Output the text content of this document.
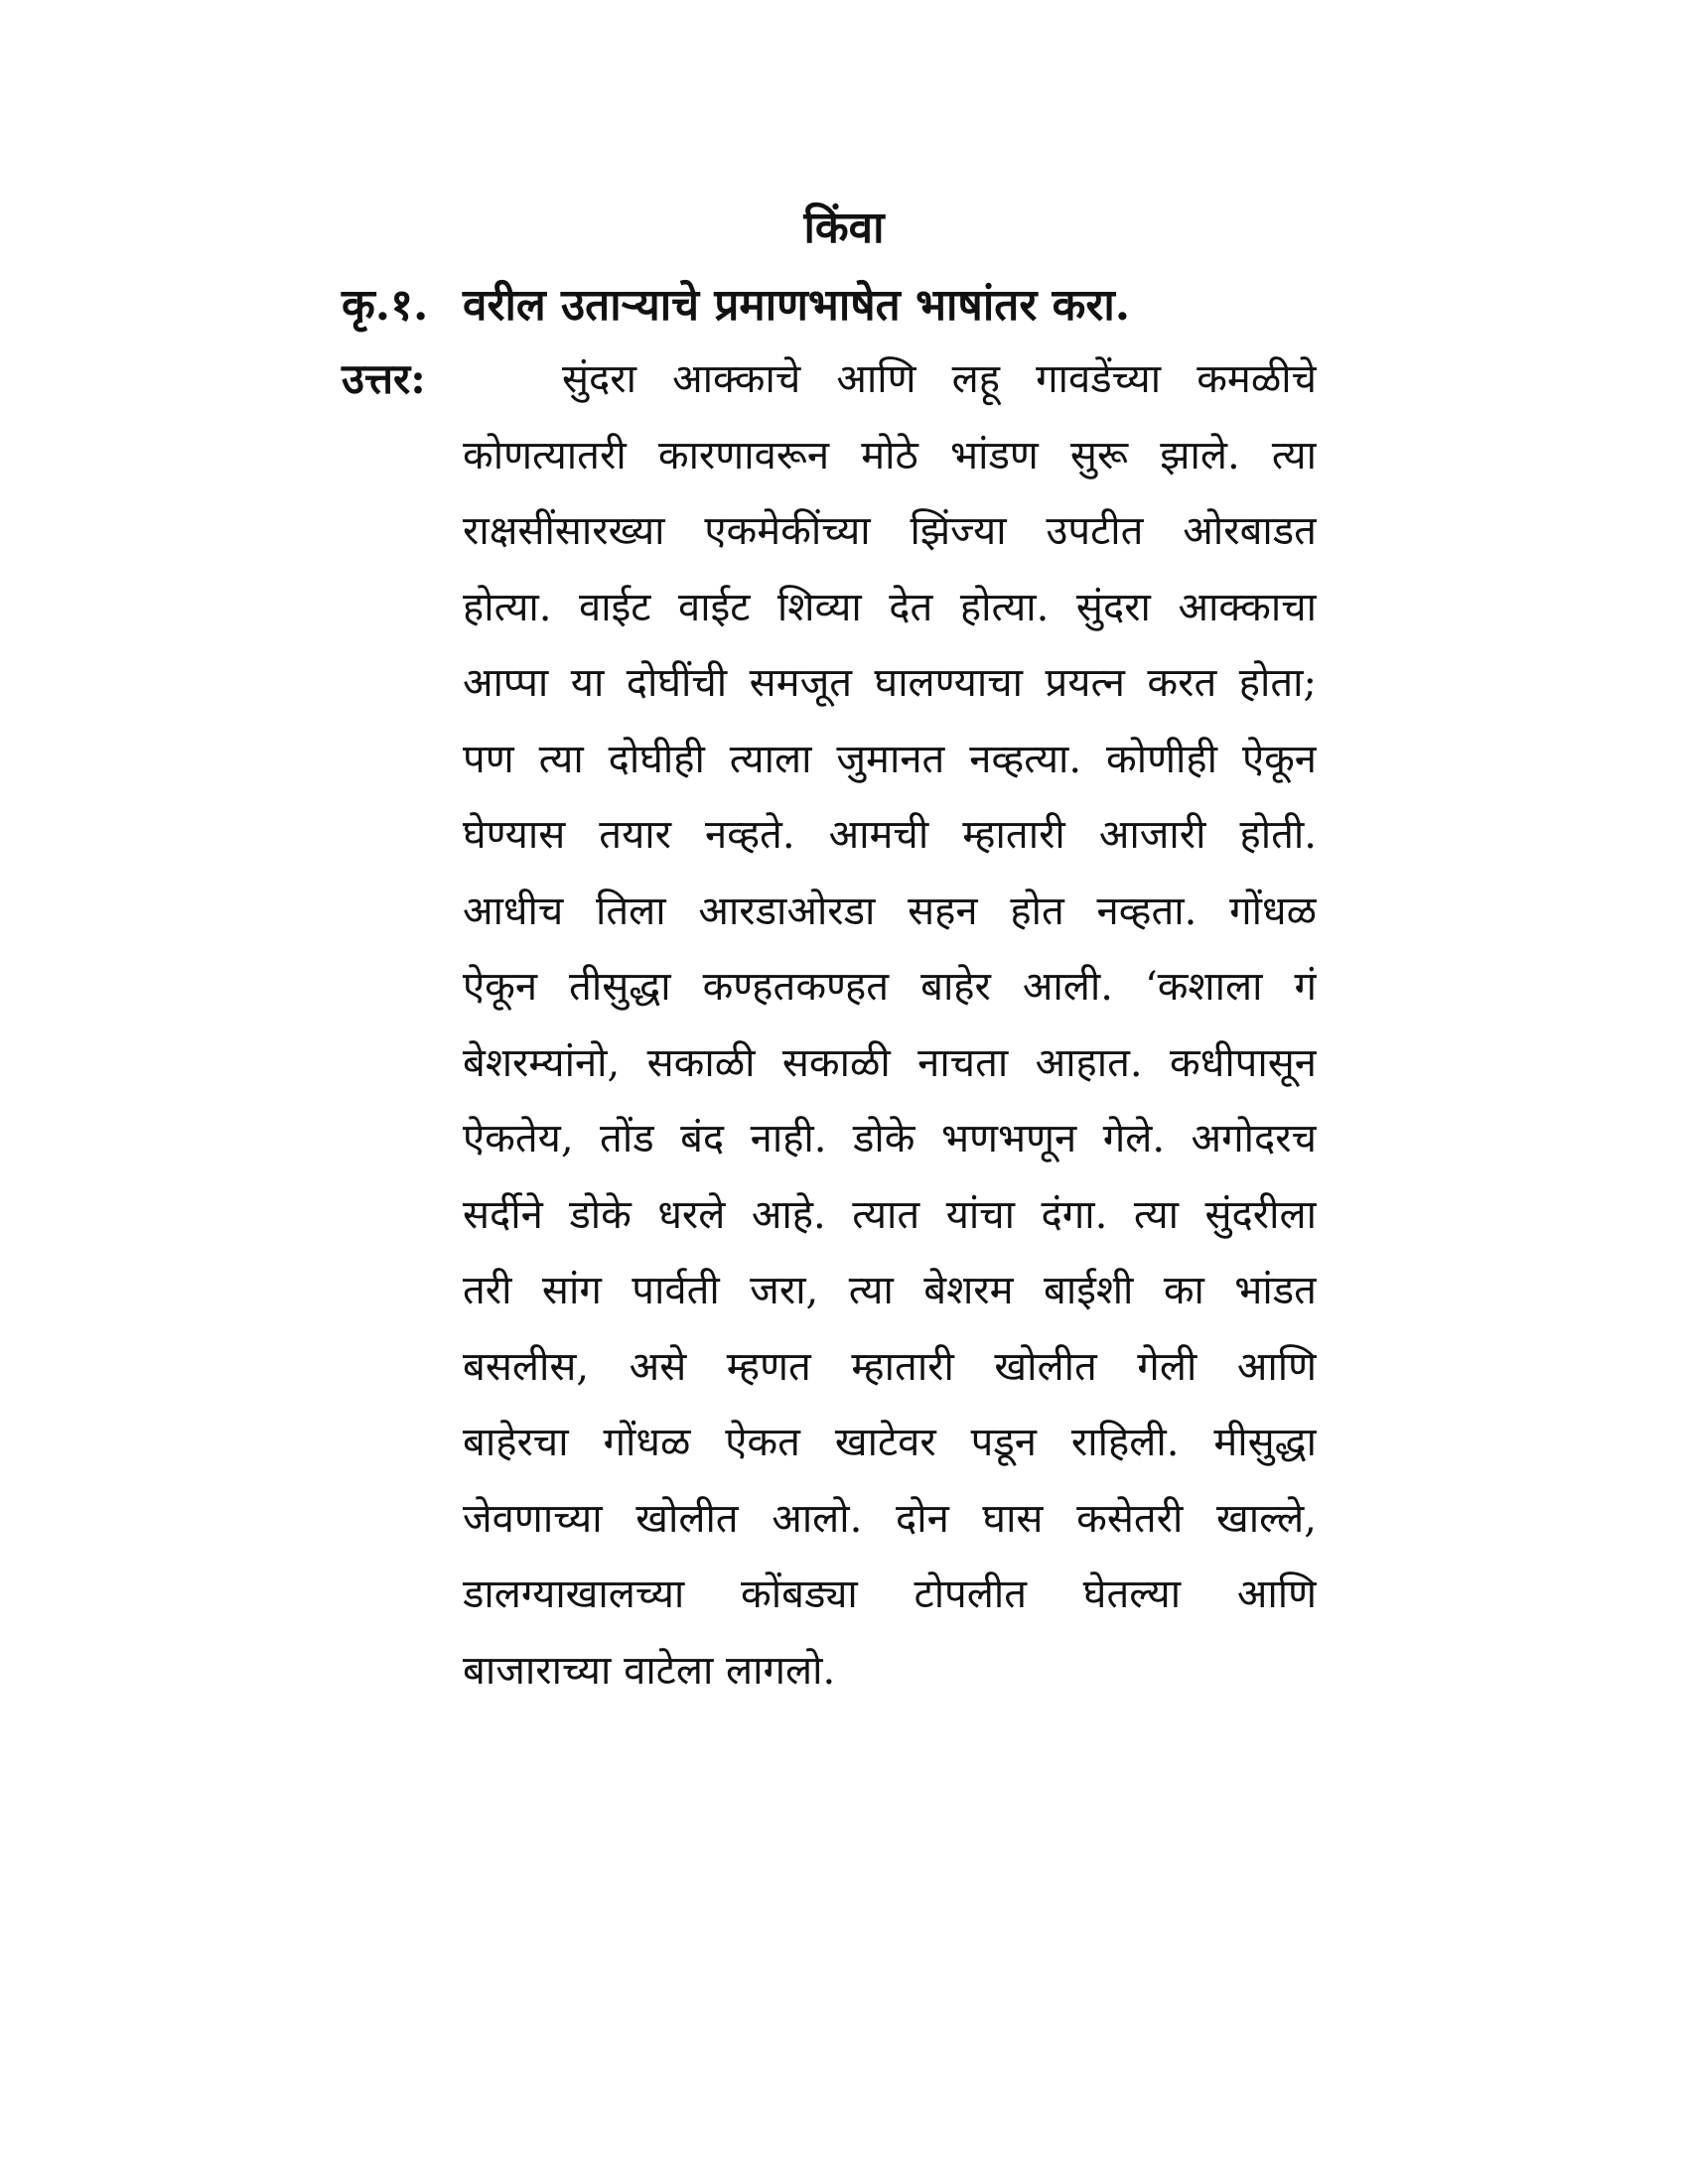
किंवा
कृ.१. वरील उताऱ्याचे प्रमाणभाषेत भाषांतर करा.
उत्तर:	सुंदरा आक्काचे आणि लहू गावडेंच्या कमळीचे
कोणत्यातरी कारणावरून मोठे भांडण सुरू झाले. त्या
राक्षसींसारख्या एकमेकींच्या झिंज्या उपटीत ओरबाडत
होत्या. वाईट वाईट शिव्या देत होत्या. सुंदरा आक्काचा
आप्पा या दोघींची समजूत घालण्याचा प्रयत्न करत होता;
पण त्या दोघीही त्याला जुमानत नव्हत्या. कोणीही ऐकून
घेण्यास तयार नव्हते. आमची म्हातारी आजारी होती.
आधीच तिला आरडाओरडा सहन होत नव्हता. गोंधळ
ऐकून तीसुद्धा कण्हतकण्हत बाहेर आली. ‘कशाला गं
बेशरम्यांनो, सकाळी सकाळी नाचता आहात. कधीपासून
ऐकतेय, तोंड बंद नाही. डोके भणभणून गेले. अगोदरच
सर्दीने डोके धरले आहे. त्यात यांचा दंगा. त्या सुंदरीला
तरी सांग पार्वती जरा, त्या बेशरम बाईशी का भांडत
बसलीस, असे म्हणत म्हातारी खोलीत गेली आणि
बाहेरचा गोंधळ ऐकत खाटेवर पडून राहिली. मीसुद्धा
जेवणाच्या खोलीत आलो. दोन घास कसेतरी खाल्ले,
डालग्याखालच्या कोंबड्या टोपलीत घेतल्या आणि
बाजाराच्या वाटेला लागलो.
